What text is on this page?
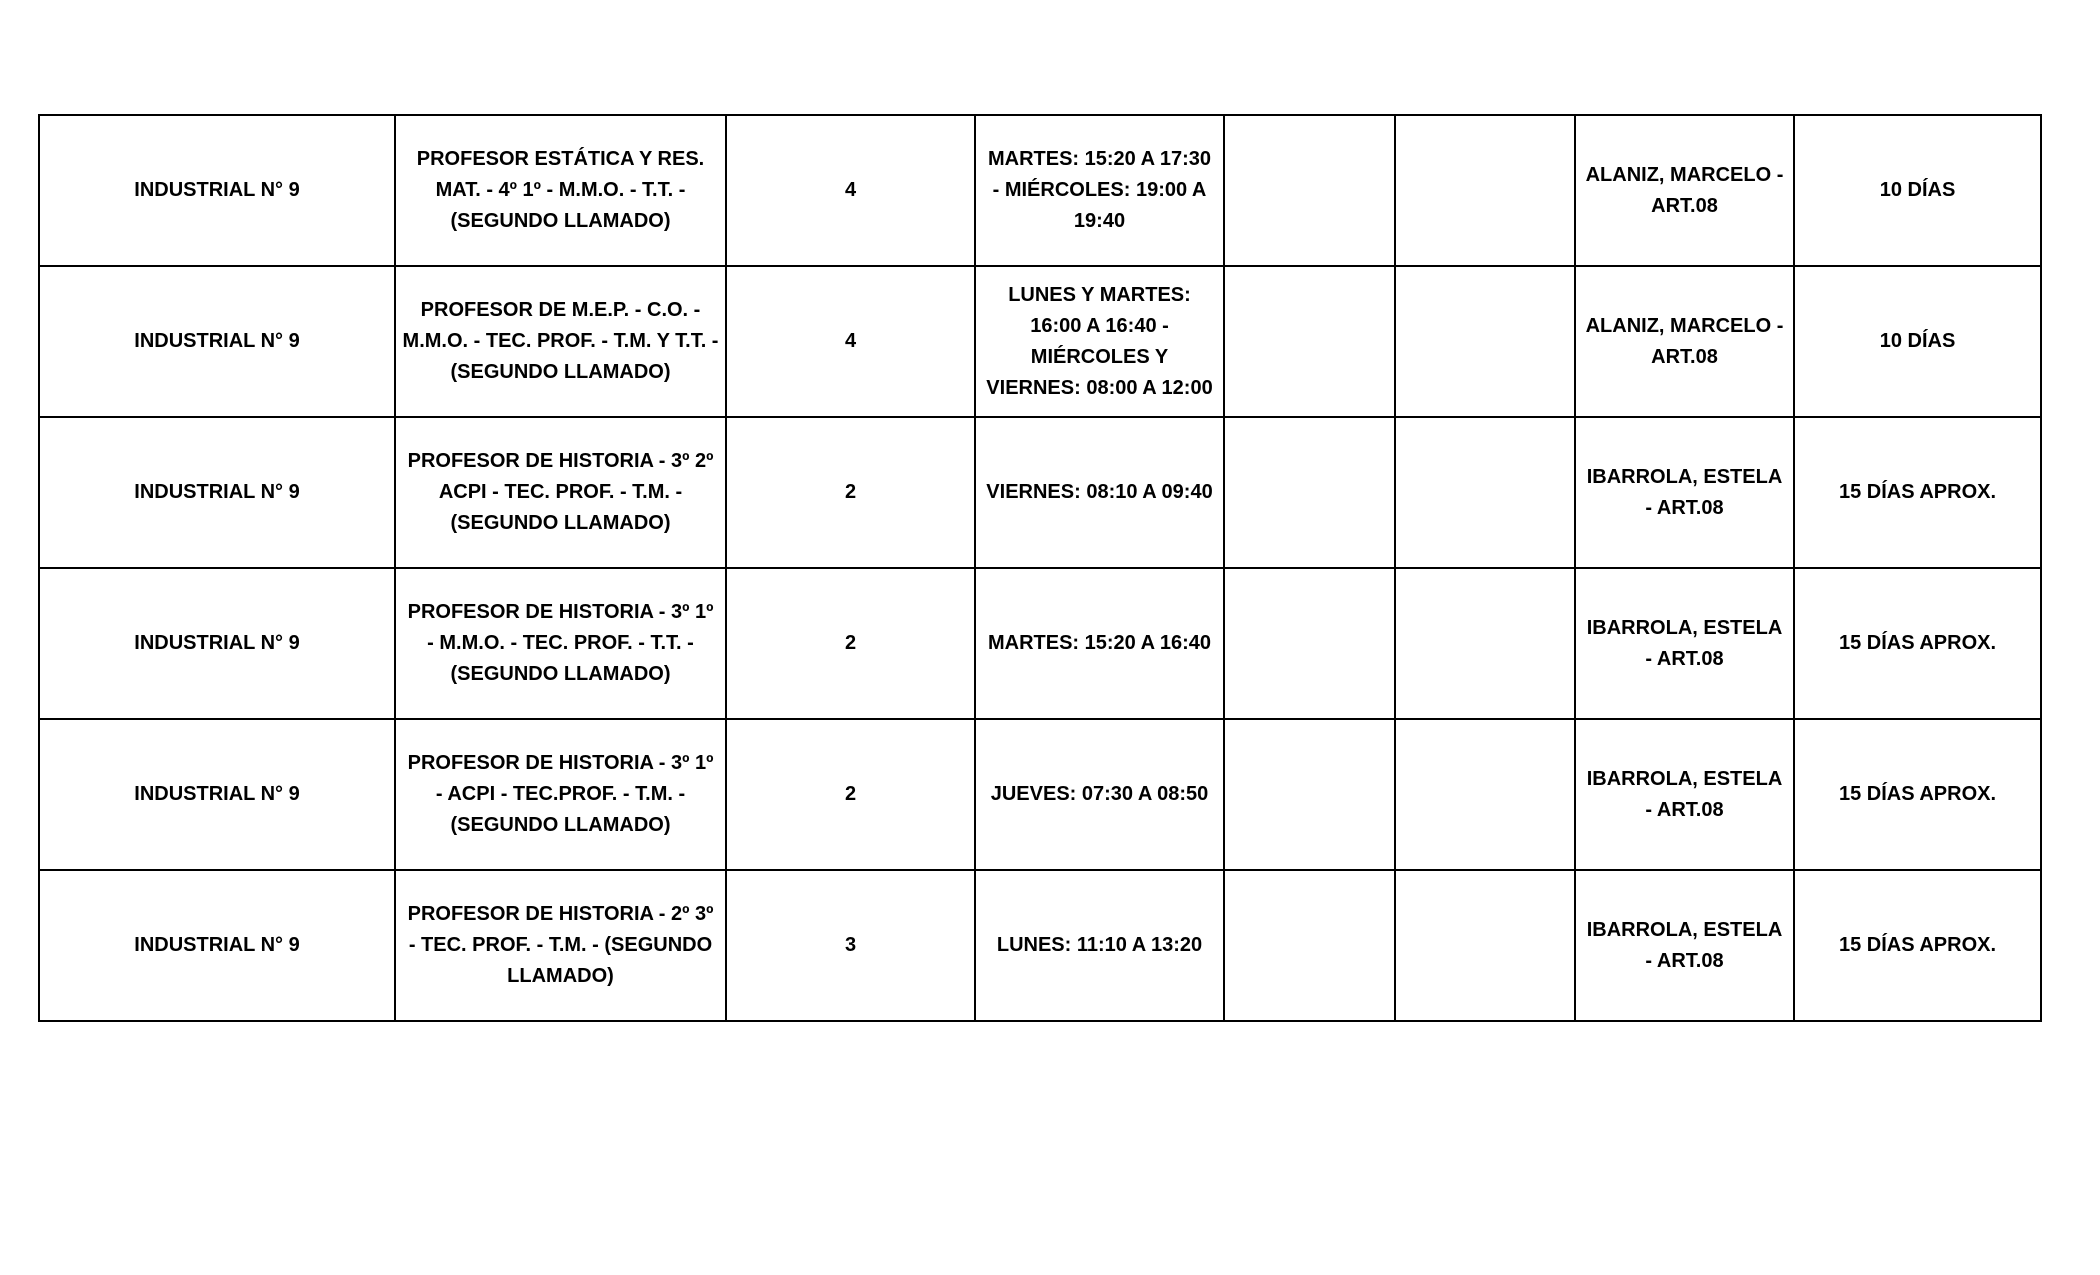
INDUSTRIAL N° 9	PROFESOR ESTÁTICA Y RES. MAT. - 4º 1º - M.M.O. - T.T. - (SEGUNDO LLAMADO)	4	MARTES: 15:20 A 17:30 - MIÉRCOLES: 19:00 A 19:40			ALANIZ, MARCELO - ART.08	10 DÍAS
INDUSTRIAL N° 9	PROFESOR DE M.E.P. - C.O. - M.M.O. - TEC. PROF. - T.M. Y T.T. -(SEGUNDO LLAMADO)	4	LUNES Y MARTES: 16:00 A 16:40 - MIÉRCOLES Y VIERNES: 08:00 A 12:00			ALANIZ, MARCELO - ART.08	10 DÍAS
INDUSTRIAL N° 9	PROFESOR DE HISTORIA - 3º 2º ACPI - TEC. PROF. - T.M. - (SEGUNDO LLAMADO)	2	VIERNES: 08:10 A 09:40			IBARROLA, ESTELA - ART.08	15 DÍAS APROX.
INDUSTRIAL N° 9	PROFESOR DE HISTORIA - 3º 1º - M.M.O. - TEC. PROF. - T.T. - (SEGUNDO LLAMADO)	2	MARTES: 15:20 A 16:40			IBARROLA, ESTELA - ART.08	15 DÍAS APROX.
INDUSTRIAL N° 9	PROFESOR DE HISTORIA - 3º 1º - ACPI - TEC.PROF. - T.M. - (SEGUNDO LLAMADO)	2	JUEVES: 07:30 A 08:50			IBARROLA, ESTELA - ART.08	15 DÍAS APROX.
INDUSTRIAL N° 9	PROFESOR DE HISTORIA - 2º 3º - TEC. PROF. - T.M. - (SEGUNDO LLAMADO)	3	LUNES: 11:10 A 13:20			IBARROLA, ESTELA - ART.08	15 DÍAS APROX.
